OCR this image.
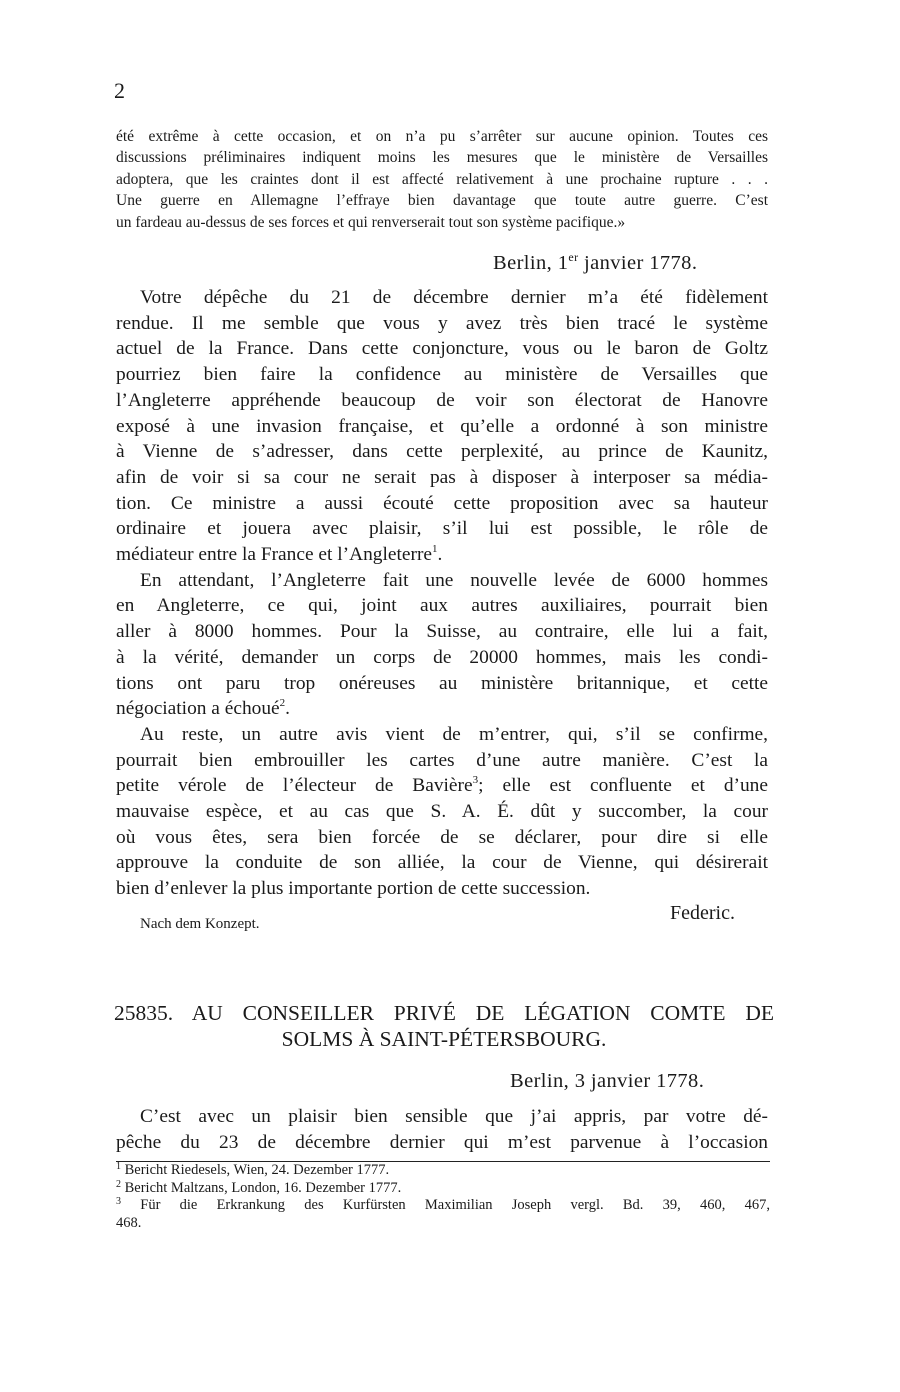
2
été extrême à cette occasion, et on n’a pu s’arrêter sur aucune opinion. Toutes ces
discussions préliminaires indiquent moins les mesures que le ministère de Versailles
adoptera, que les craintes dont il est affecté relativement à une prochaine rupture . . .
Une guerre en Allemagne l’effraye bien davantage que toute autre guerre. C’est
un fardeau au-dessus de ses forces et qui renverserait tout son système pacifique.»
Berlin, 1er janvier 1778.
Votre dépêche du 21 de décembre dernier m’a été fidèlement
rendue. Il me semble que vous y avez très bien tracé le système
actuel de la France. Dans cette conjoncture, vous ou le baron de Goltz
pourriez bien faire la confidence au ministère de Versailles que
l’Angleterre appréhende beaucoup de voir son électorat de Hanovre
exposé à une invasion française, et qu’elle a ordonné à son ministre
à Vienne de s’adresser, dans cette perplexité, au prince de Kaunitz,
afin de voir si sa cour ne serait pas à disposer à interposer sa média-
tion. Ce ministre a aussi écouté cette proposition avec sa hauteur
ordinaire et jouera avec plaisir, s’il lui est possible, le rôle de
médiateur entre la France et l’Angleterre$^1$.
En attendant, l’Angleterre fait une nouvelle levée de 6000 hommes
en Angleterre, ce qui, joint aux autres auxiliaires, pourrait bien
aller à 8000 hommes. Pour la Suisse, au contraire, elle lui a fait,
à la vérité, demander un corps de 20000 hommes, mais les condi-
tions ont paru trop onéreuses au ministère britannique, et cette
négociation a échoué$^2$.
Au reste, un autre avis vient de m’entrer, qui, s’il se confirme,
pourrait bien embrouiller les cartes d’une autre manière. C’est la
petite vérole de l’électeur de Bavière$^3$; elle est confluente et d’une
mauvaise espèce, et au cas que S. A. É. dût y succomber, la cour
où vous êtes, sera bien forcée de se déclarer, pour dire si elle
approuve la conduite de son alliée, la cour de Vienne, qui désirerait
bien d’enlever la plus importante portion de cette succession.
Nach dem Konzept.	Federic.
25835. AU CONSEILLER PRIVÉ DE LÉGATION COMTE DE
SOLMS À SAINT-PÉTERSBOURG.
Berlin, 3 janvier 1778.
C’est avec un plaisir bien sensible que j’ai appris, par votre dé-
pêche du 23 de décembre dernier qui m’est parvenue à l’occasion
$^1$ Bericht Riedesels, Wien, 24. Dezember 1777.
$^2$ Bericht Maltzans, London, 16. Dezember 1777.
$^3$ Für die Erkrankung des Kurfürsten Maximilian Joseph vergl. Bd. 39, 460, 467,
468.
